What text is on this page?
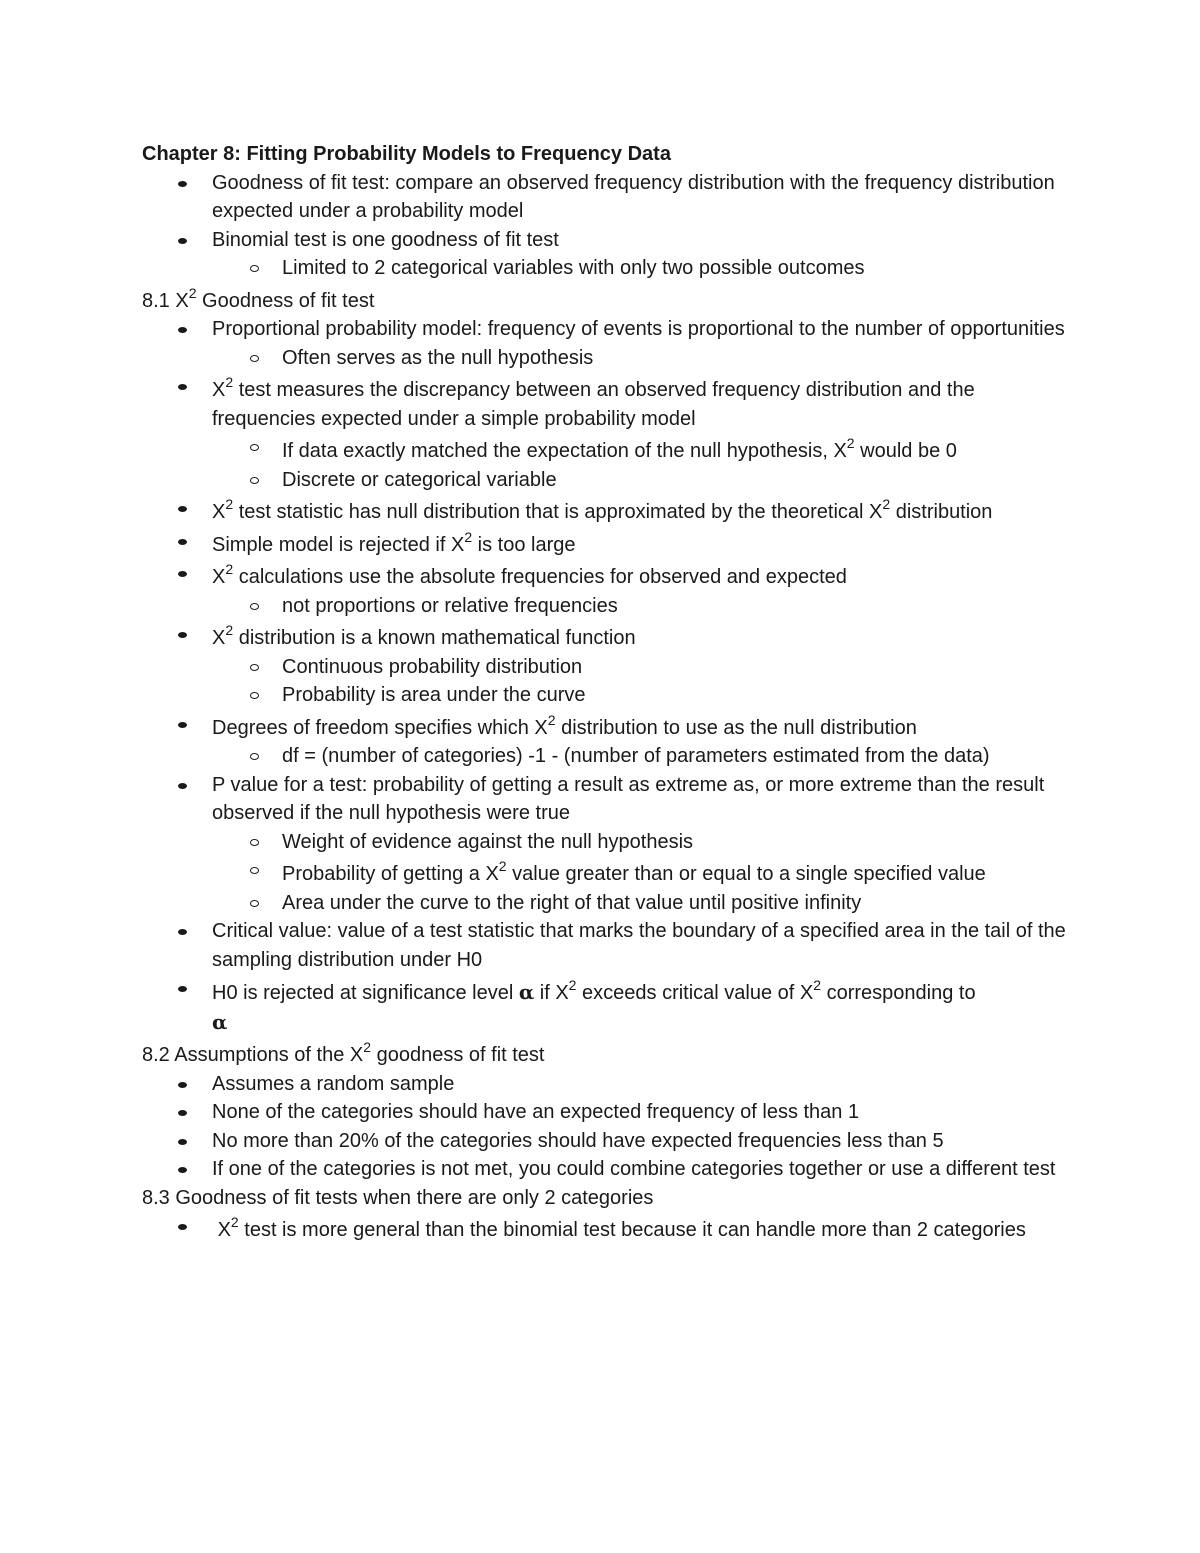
Chapter 8: Fitting Probability Models to Frequency Data
Goodness of fit test: compare an observed frequency distribution with the frequency distribution expected under a probability model
Binomial test is one goodness of fit test
Limited to 2 categorical variables with only two possible outcomes
8.1 $X^2$ Goodness of fit test
Proportional probability model: frequency of events is proportional to the number of opportunities
Often serves as the null hypothesis
$X^2$ test measures the discrepancy between an observed frequency distribution and the frequencies expected under a simple probability model
If data exactly matched the expectation of the null hypothesis, $X^2$ would be 0
Discrete or categorical variable
$X^2$ test statistic has null distribution that is approximated by the theoretical $X^2$ distribution
Simple model is rejected if $X^2$ is too large
$X^2$ calculations use the absolute frequencies for observed and expected
not proportions or relative frequencies
$X^2$ distribution is a known mathematical function
Continuous probability distribution
Probability is area under the curve
Degrees of freedom specifies which $X^2$ distribution to use as the null distribution
df = (number of categories) -1 - (number of parameters estimated from the data)
P value for a test: probability of getting a result as extreme as, or more extreme than the result observed if the null hypothesis were true
Weight of evidence against the null hypothesis
Probability of getting a $X^2$ value greater than or equal to a single specified value
Area under the curve to the right of that value until positive infinity
Critical value: value of a test statistic that marks the boundary of a specified area in the tail of the sampling distribution under H0
H0 is rejected at significance level α if $X^2$ exceeds critical value of $X^2$ corresponding to
α
8.2 Assumptions of the $X^2$ goodness of fit test
Assumes a random sample
None of the categories should have an expected frequency of less than 1
No more than 20% of the categories should have expected frequencies less than 5
If one of the categories is not met, you could combine categories together or use a different test
8.3 Goodness of fit tests when there are only 2 categories
$X^2$ test is more general than the binomial test because it can handle more than 2 categories
